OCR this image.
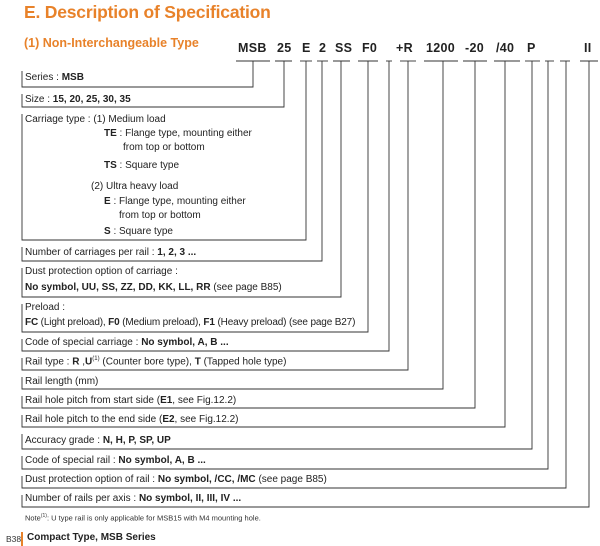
E. Description of Specification
(1) Non-Interchangeable Type	MSB 25 E 2 SS F0 +R 1200 -20 /40 P	II
Series : MSB
Size : 15, 20, 25, 30, 35
Carriage type : (1) Medium load
TE : Flange type, mounting either
from top or bottom
TS : Square type
(2) Ultra heavy load
E : Flange type, mounting either
from top or bottom
S : Square type
Number of carriages per rail : 1, 2, 3 ...
Dust protection option of carriage :
No symbol, UU, SS, ZZ, DD, KK, LL, RR (see page B85)
Preload :
FC (Light preload), F0 (Medium preload), F1 (Heavy preload) (see page B27)
Code of special carriage : No symbol, A, B ...
Rail type : R $,U^{(1)}$ (Counter bore type), T (Tapped hole type)
Rail length (mm)
Rail hole pitch from start side (E1, see Fig.12.2)
Rail hole pitch to the end side (E2, see Fig.12.2)
Accuracy grade : N, H, P, SP, UP
Code of special rail : No symbol, A, B ...
Dust protection option of rail : No symbol, /CC, /MC (see page B85)
Number of rails per axis : No symbol, II, III, IV ...
Note$^{(1)}$: U type rail is only applicable for MSB15 with M4 mounting hole.
B38 Compact Type, MSB Series
